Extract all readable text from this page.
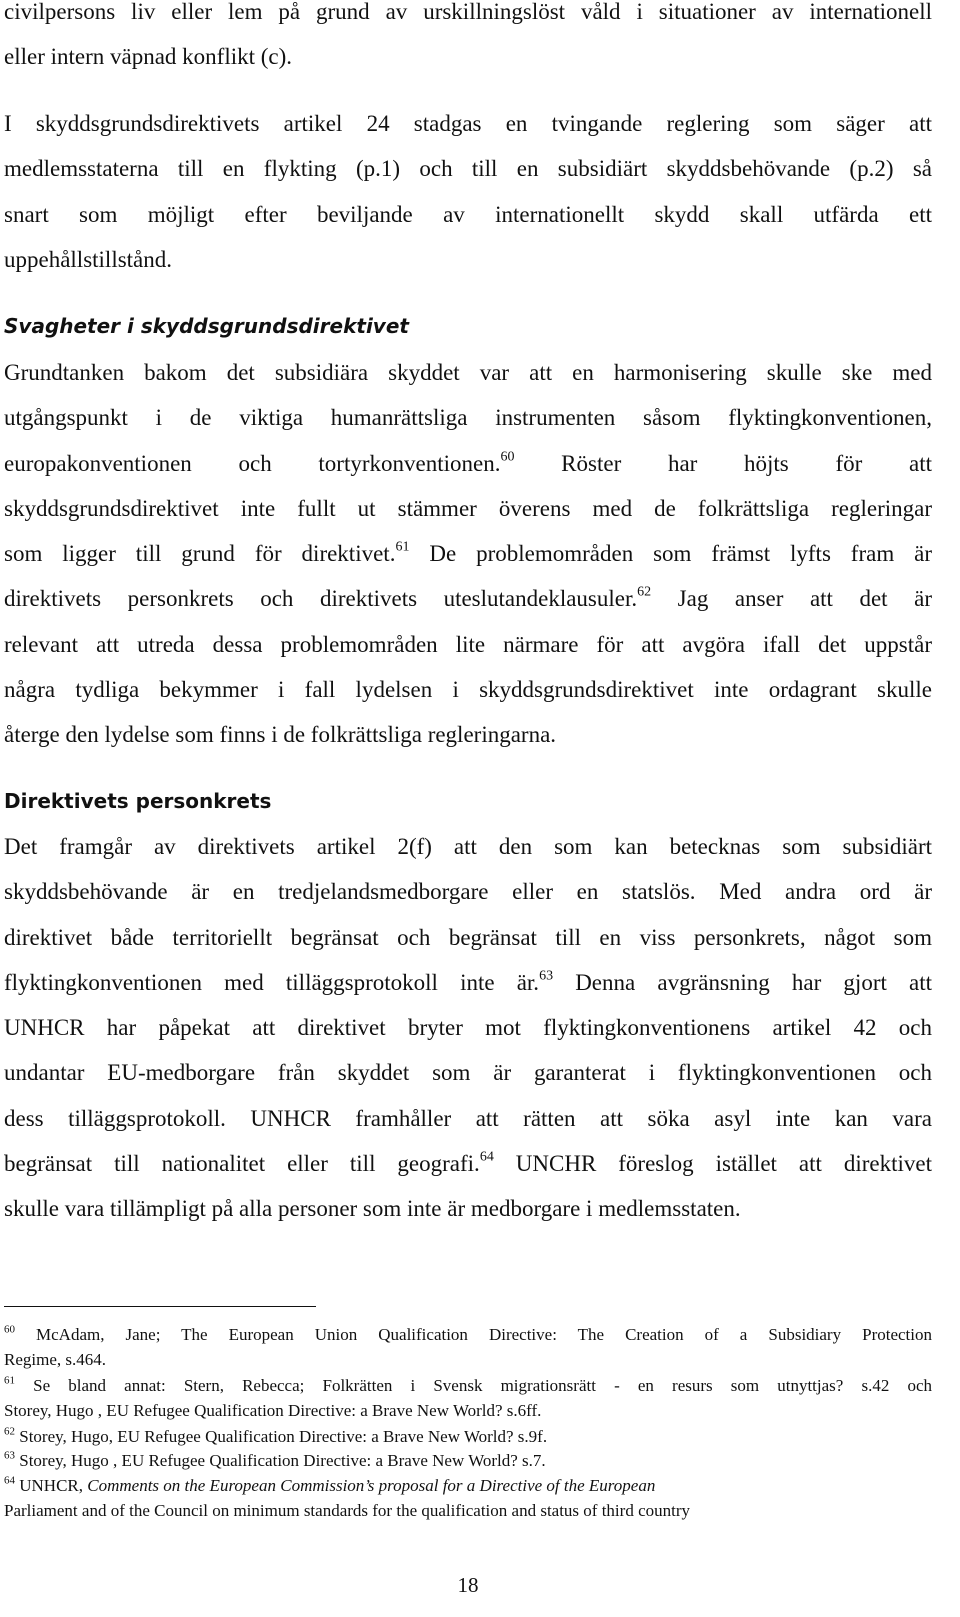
civilpersons liv eller lem på grund av urskillningslöst våld i situationer av internationell
eller intern väpnad konflikt (c).
I skyddsgrundsdirektivets artikel 24 stadgas en tvingande reglering som säger att
medlemsstaterna till en flykting (p.1) och till en subsidiärt skyddsbehövande (p.2) så
snart som möjligt efter beviljande av internationellt skydd skall utfärda ett
uppehållstillstånd.
Svagheter i skyddsgrundsdirektivet
Grundtanken bakom det subsidiära skyddet var att en harmonisering skulle ske med
utgångspunkt i de viktiga humanrättsliga instrumenten såsom flyktingkonventionen,
europakonventionen och tortyrkonventionen.$^{60}$ Röster har höjts för att
skyddsgrundsdirektivet inte fullt ut stämmer överens med de folkrättsliga regleringar
som ligger till grund för direktivet.$^{61}$ De problemområden som främst lyfts fram är
direktivets personkrets och direktivets uteslutandeklausuler.$^{62}$ Jag anser att det är
relevant att utreda dessa problemområden lite närmare för att avgöra ifall det uppstår
några tydliga bekymmer i fall lydelsen i skyddsgrundsdirektivet inte ordagrant skulle
återge den lydelse som finns i de folkrättsliga regleringarna.
Direktivets personkrets
Det framgår av direktivets artikel 2(f) att den som kan betecknas som subsidiärt
skyddsbehövande är en tredjelandsmedborgare eller en statslös. Med andra ord är
direktivet både territoriellt begränsat och begränsat till en viss personkrets, något som
flyktingkonventionen med tilläggsprotokoll inte är.$^{63}$ Denna avgränsning har gjort att
UNHCR har påpekat att direktivet bryter mot flyktingkonventionens artikel 42 och
undantar EU-medborgare från skyddet som är garanterat i flyktingkonventionen och
dess tilläggsprotokoll. UNHCR framhåller att rätten att söka asyl inte kan vara
begränsat till nationalitet eller till geografi.$^{64}$ UNCHR föreslog istället att direktivet
skulle vara tillämpligt på alla personer som inte är medborgare i medlemsstaten.
$^{60}$ McAdam, Jane; The European Union Qualification Directive: The Creation of a Subsidiary Protection
Regime, s.464.
$^{61}$ Se bland annat: Stern, Rebecca; Folkrätten i Svensk migrationsrätt - en resurs som utnyttjas? s.42 och
Storey, Hugo , EU Refugee Qualification Directive: a Brave New World? s.6ff.
$^{62}$ Storey, Hugo, EU Refugee Qualification Directive: a Brave New World? s.9f.
$^{63}$ Storey, Hugo , EU Refugee Qualification Directive: a Brave New World? s.7.
$^{64}$ UNHCR, Comments on the European Commission’s proposal for a Directive of the European
Parliament and of the Council on minimum standards for the qualification and status of third country
18
